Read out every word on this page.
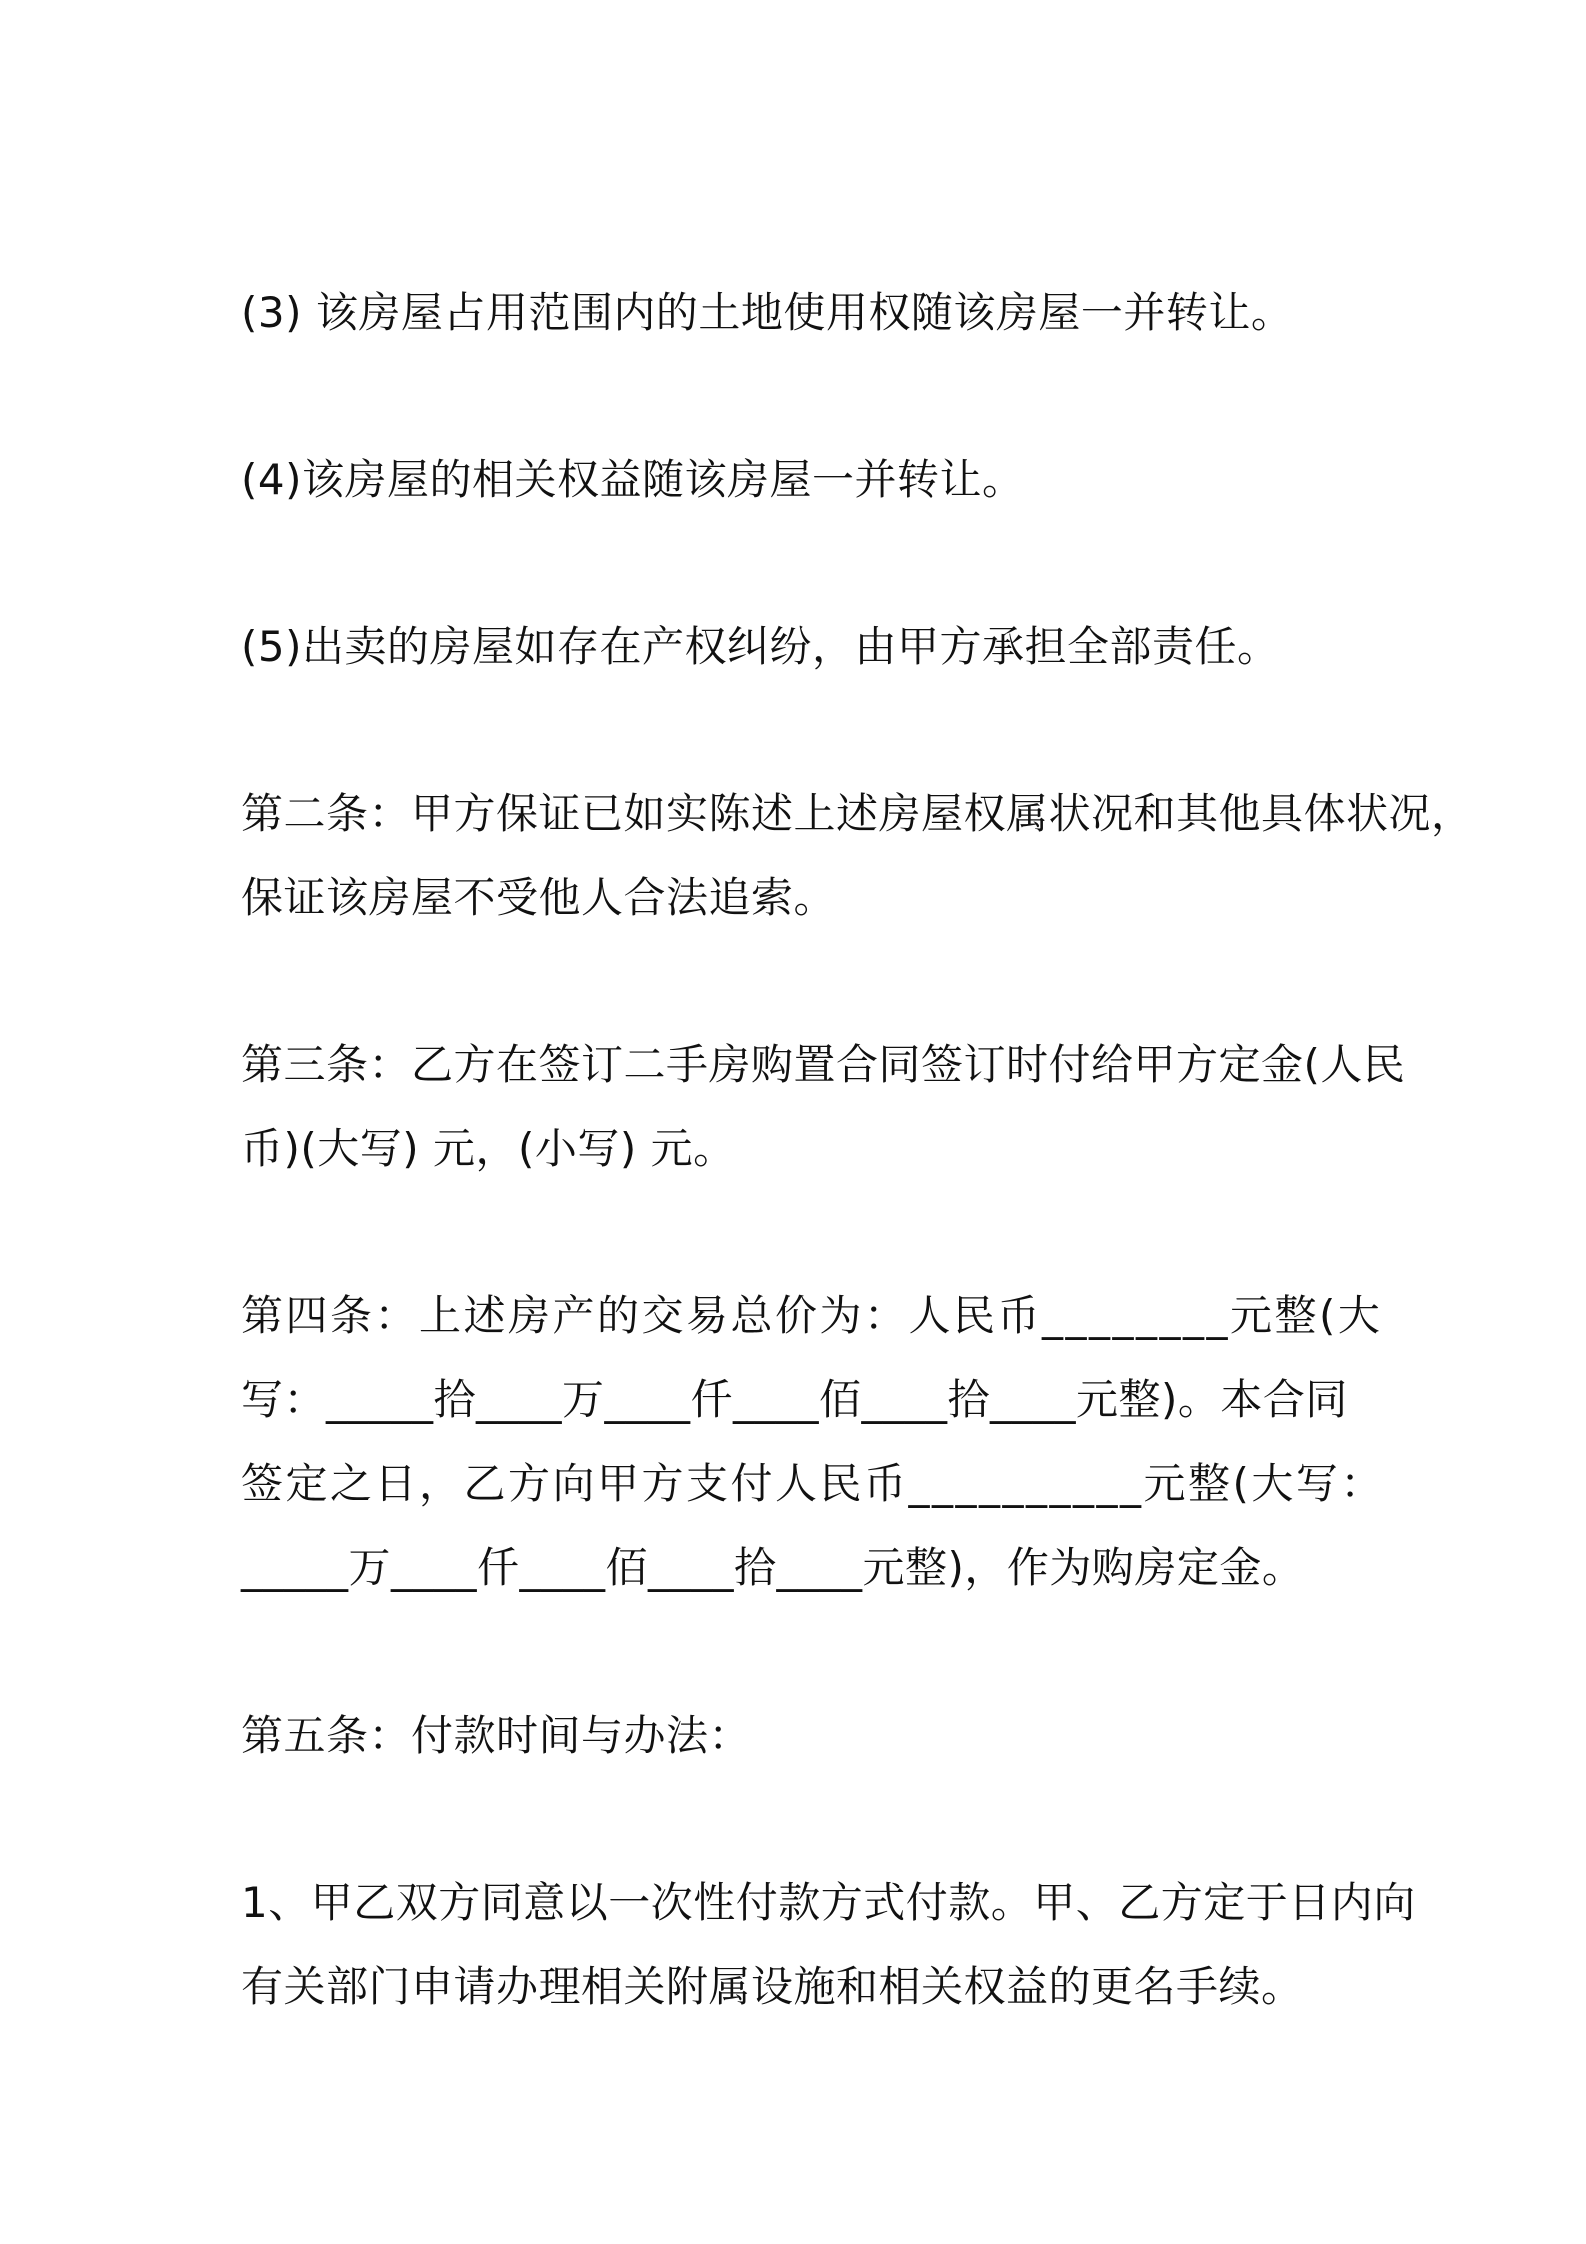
(3) 该房屋占用范围内的土地使用权随该房屋一并转让。
(4)该房屋的相关权益随该房屋一并转让。
(5)出卖的房屋如存在产权纠纷，由甲方承担全部责任。
第二条：甲方保证已如实陈述上述房屋权属状况和其他具体状况，
保证该房屋不受他人合法追索。
第三条：乙方在签订二手房购置合同签订时付给甲方定金(人民
币)(大写) 元，(小写) 元。
第四条：上述房产的交易总价为：人民币________元整(大
写：_____拾____万____仟____佰____拾____元整)。本合同
签定之日，乙方向甲方支付人民币__________元整(大写：
_____万____仟____佰____拾____元整)，作为购房定金。
第五条：付款时间与办法：
1、甲乙双方同意以一次性付款方式付款。甲、乙方定于日内向
有关部门申请办理相关附属设施和相关权益的更名手续。
